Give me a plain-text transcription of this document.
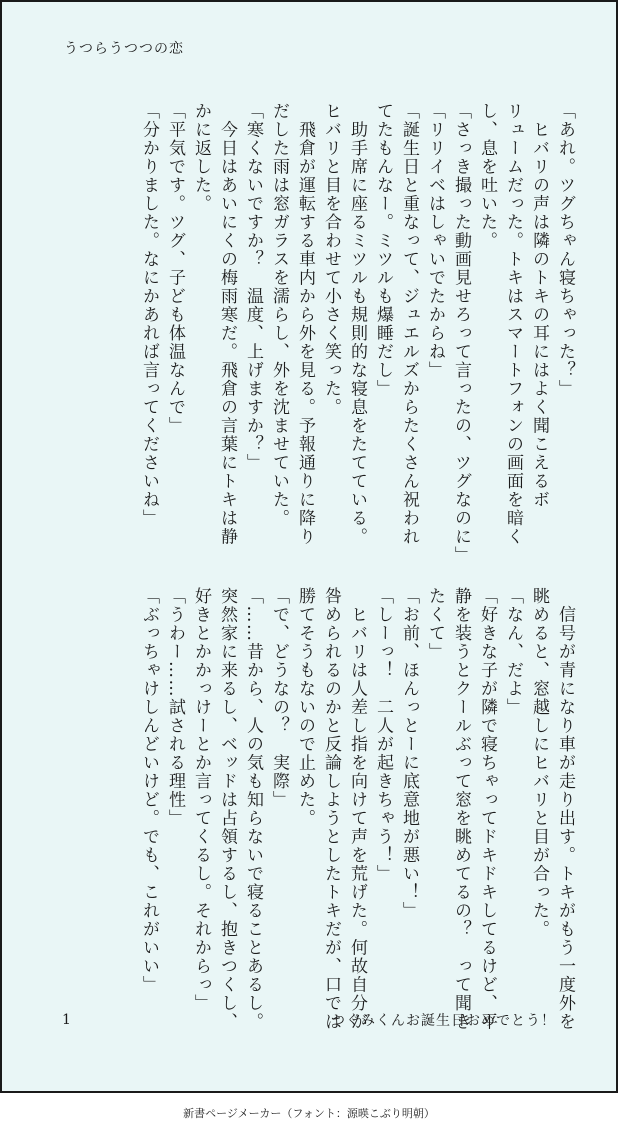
うつらうつつの恋

「あれ。ツグちゃん寝ちゃった？」

　ヒバリの声は隣のトキの耳にはよく聞こえるボ

リュームだった。トキはスマートフォンの画面を暗く

し、息を吐いた。

「さっき撮った動画見せろって言ったの、ツグなのに」

「リリイベはしゃいでたからね」

「誕生日と重なって、ジュエルズからたくさん祝われ

てたもんなー。ミツルも爆睡だし」

　助手席に座るミツルも規則的な寝息をたてている。

ヒバリと目を合わせて小さく笑った。

　飛倉が運転する車内から外を見る。予報通りに降り

だした雨は窓ガラスを濡らし、外を沈ませていた。

「寒くないですか？　温度、上げますか？」

　今日はあいにくの梅雨寒だ。飛倉の言葉にトキは静

かに返した。

「平気です。ツグ、子ども体温なんで」

「分かりました。なにかあれば言ってくださいね」

　信号が青になり車が走り出す。トキがもう一度外を

眺めると、窓越しにヒバリと目が合った。

「なん、だよ」

「好きな子が隣で寝ちゃってドキドキしてるけど、平

静を装うとクールぶって窓を眺めてるの？　って聞き

たくて」

「お前、ほんっとーに底意地が悪い！」

「しーっ！　二人が起きちゃう！」

　ヒバリは人差し指を向けて声を荒げた。何故自分が

咎められるのかと反論しようとしたトキだが、口では

勝てそうもないので止めた。

「で、どうなの？　実際」

「……昔から、人の気も知らないで寝ることあるし。

突然家に来るし、ベッドは占領するし、抱きつくし、

好きとかかっけーとか言ってくるし。それからっ」

「うわー……試される理性」

「ぶっちゃけしんどいけど。でも、これがいい」

1	つぐみくんお誕生日おめでとう！
新書ページメーカー（フォント：源暎こぶり明朝）
